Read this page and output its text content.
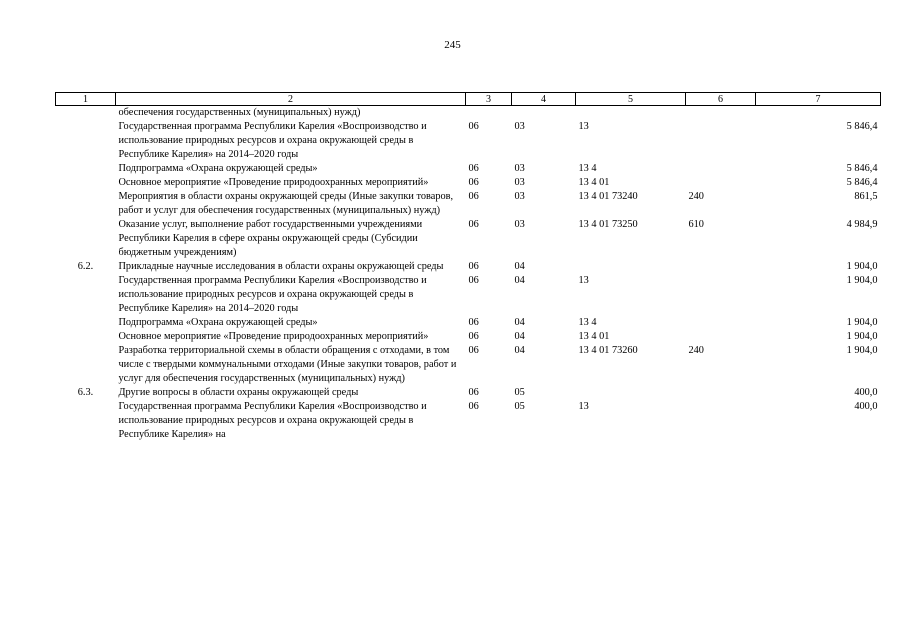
245
1	2	3	4	5	6	7
	обеспечения государственных (муниципальных) нужд)					
	Государственная программа Республики Карелия «Воспроизводство и использование природных ресурсов и охрана окружающей среды в Республике Карелия» на 2014–2020 годы	06	03	13		5 846,4
	Подпрограмма «Охрана окружающей среды»	06	03	13 4		5 846,4
	Основное мероприятие «Проведение природоохранных мероприятий»	06	03	13 4 01		5 846,4
	Мероприятия в области охраны окружающей среды (Иные закупки товаров, работ и услуг для обеспечения государственных (муниципальных) нужд)	06	03	13 4 01 73240	240	861,5
	Оказание услуг, выполнение работ государственными учреждениями Республики Карелия в сфере охраны окружающей среды (Субсидии бюджетным учреждениям)	06	03	13 4 01 73250	610	4 984,9
6.2.	Прикладные научные исследования в области охраны окружающей среды	06	04			1 904,0
	Государственная программа Республики Карелия «Воспроизводство и использование природных ресурсов и охрана окружающей среды в Республике Карелия» на 2014–2020 годы	06	04	13		1 904,0
	Подпрограмма «Охрана окружающей среды»	06	04	13 4		1 904,0
	Основное мероприятие «Проведение природоохранных мероприятий»	06	04	13 4 01		1 904,0
	Разработка территориальной схемы в области обращения с отходами, в том числе с твердыми коммунальными отходами (Иные закупки товаров, работ и услуг для обеспечения государственных (муниципальных) нужд)	06	04	13 4 01 73260	240	1 904,0
6.3.	Другие вопросы в области охраны окружающей среды	06	05			400,0
	Государственная программа Республики Карелия «Воспроизводство и использование природных ресурсов и охрана окружающей среды в Республике Карелия» на	06	05	13		400,0
